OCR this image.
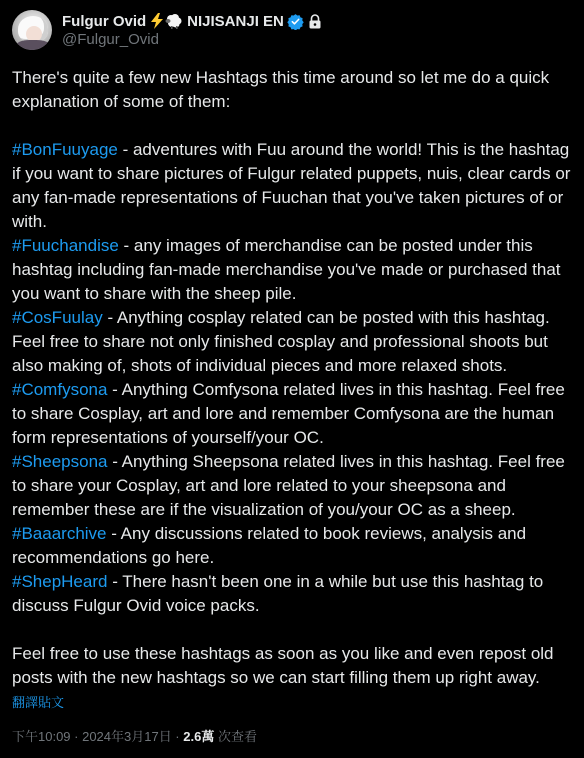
Fulgur Ovid	NIJISANJI EN
@Fulgur_Ovid

There's quite a few new Hashtags this time around so let me do a quick explanation of some of them:

#BonFuuyage - adventures with Fuu around the world! This is the hashtag if you want to share pictures of Fulgur related puppets, nuis, clear cards or any fan-made representations of Fuuchan that you've taken pictures of or with.

#Fuuchandise - any images of merchandise can be posted under this hashtag including fan-made merchandise you've made or purchased that you want to share with the sheep pile.

#CosFuulay - Anything cosplay related can be posted with this hashtag. Feel free to share not only finished cosplay and professional shoots but also making of, shots of individual pieces and more relaxed shots.

#Comfysona - Anything Comfysona related lives in this hashtag. Feel free to share Cosplay, art and lore and remember Comfysona are the human form representations of yourself/your OC.

#Sheepsona - Anything Sheepsona related lives in this hashtag. Feel free to share your Cosplay, art and lore related to your sheepsona and remember these are if the visualization of you/your OC as a sheep.

#Baaarchive - Any discussions related to book reviews, analysis and recommendations go here.

#ShepHeard - There hasn't been one in a while but use this hashtag to discuss Fulgur Ovid voice packs.

Feel free to use these hashtags as soon as you like and even repost old posts with the new hashtags so we can start filling them up right away.

翻譯貼文
下午10:09 · 2024年3月17日 · 2.6萬 次查看
